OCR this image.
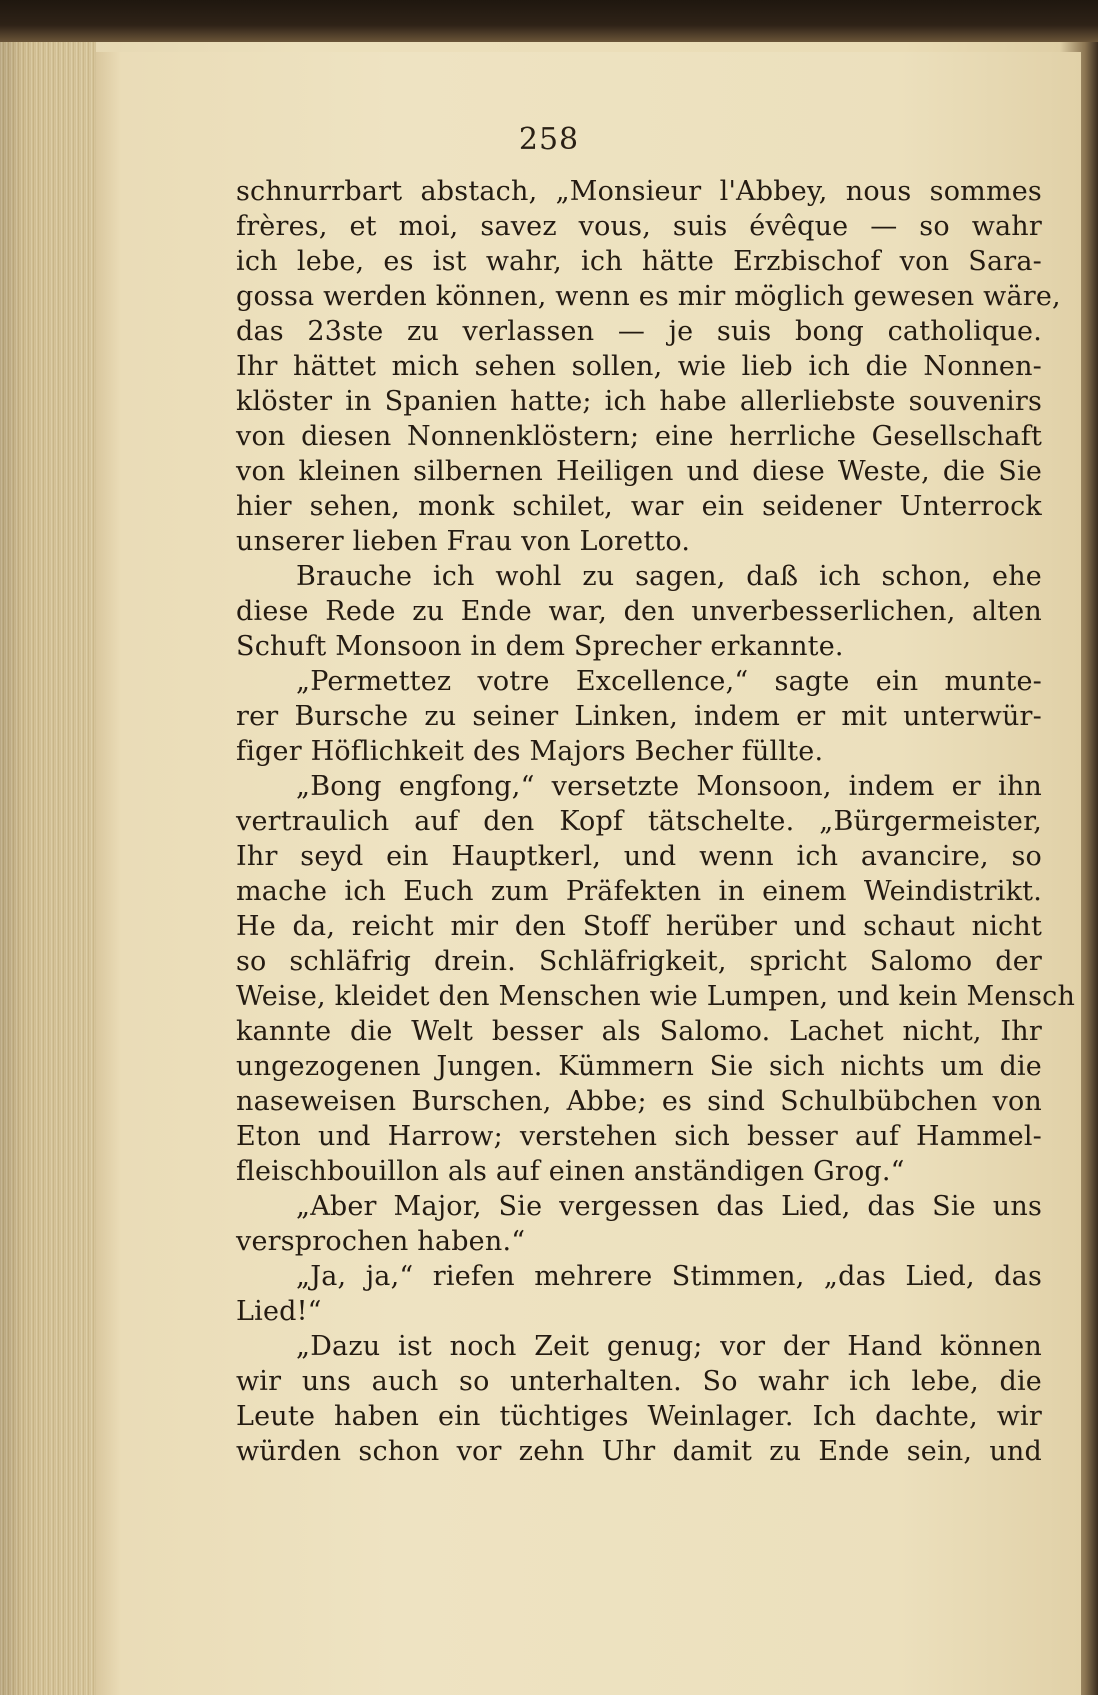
258
schnurrbart abstach, „Monsieur l'Abbey, nous sommes
frères, et moi, savez vous, suis évêque — so wahr
ich lebe, es ist wahr, ich hätte Erzbischof von Sara-
gossa werden können, wenn es mir möglich gewesen wäre,
das 23ste zu verlassen — je suis bong catholique.
Ihr hättet mich sehen sollen, wie lieb ich die Nonnen-
klöster in Spanien hatte; ich habe allerliebste souvenirs
von diesen Nonnenklöstern; eine herrliche Gesellschaft
von kleinen silbernen Heiligen und diese Weste, die Sie
hier sehen, monk schilet, war ein seidener Unterrock
unserer lieben Frau von Loretto.
Brauche ich wohl zu sagen, daß ich schon, ehe
diese Rede zu Ende war, den unverbesserlichen, alten
Schuft Monsoon in dem Sprecher erkannte.
„Permettez votre Excellence,“ sagte ein munte-
rer Bursche zu seiner Linken, indem er mit unterwür-
figer Höflichkeit des Majors Becher füllte.
„Bong engfong,“ versetzte Monsoon, indem er ihn
vertraulich auf den Kopf tätschelte. „Bürgermeister,
Ihr seyd ein Hauptkerl, und wenn ich avancire, so
mache ich Euch zum Präfekten in einem Weindistrikt.
He da, reicht mir den Stoff herüber und schaut nicht
so schläfrig drein. Schläfrigkeit, spricht Salomo der
Weise, kleidet den Menschen wie Lumpen, und kein Mensch
kannte die Welt besser als Salomo. Lachet nicht, Ihr
ungezogenen Jungen. Kümmern Sie sich nichts um die
naseweisen Burschen, Abbe; es sind Schulbübchen von
Eton und Harrow; verstehen sich besser auf Hammel-
fleischbouillon als auf einen anständigen Grog.“
„Aber Major, Sie vergessen das Lied, das Sie uns
versprochen haben.“
„Ja, ja,“ riefen mehrere Stimmen, „das Lied, das
Lied!“
„Dazu ist noch Zeit genug; vor der Hand können
wir uns auch so unterhalten. So wahr ich lebe, die
Leute haben ein tüchtiges Weinlager. Ich dachte, wir
würden schon vor zehn Uhr damit zu Ende sein, und
